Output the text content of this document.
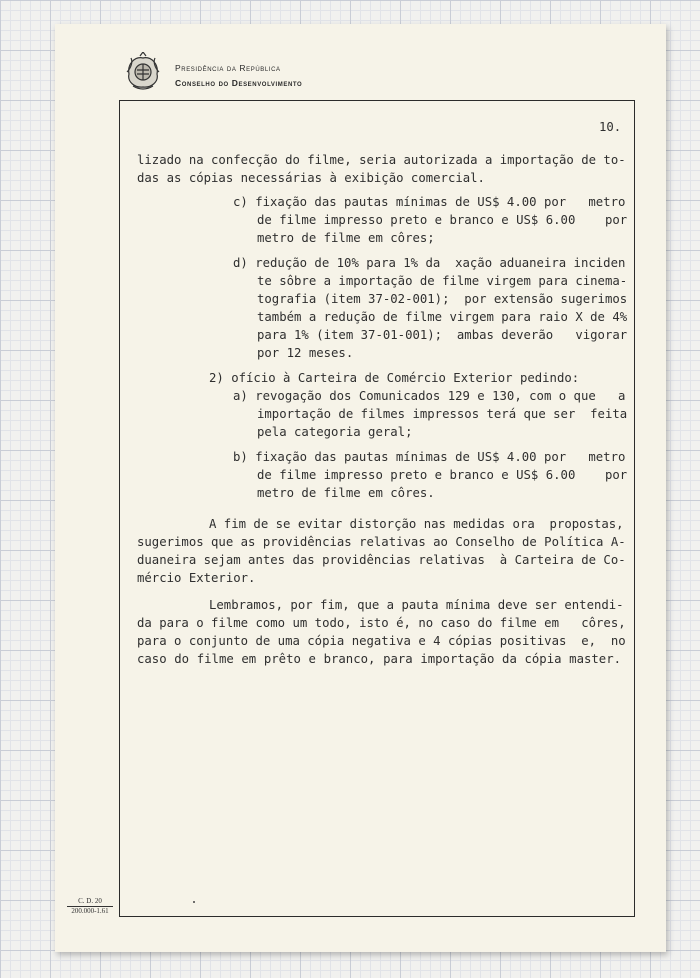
Presidência da República
Conselho do Desenvolvimento
10.
lizado na confecção do filme, seria autorizada a importação de to-
das as cópias necessárias à exibição comercial.
c) fixação das pautas mínimas de US$ 4.00 por   metro
de filme impresso preto e branco e US$ 6.00    por
metro de filme em côres;
d) redução de 10% para 1% da  xação aduaneira inciden
te sôbre a importação de filme virgem para cinema-
tografia (item 37-02-001);  por extensão sugerimos
também a redução de filme virgem para raio X de 4%
para 1% (item 37-01-001);  ambas deverão   vigorar
por 12 meses.
2) ofício à Carteira de Comércio Exterior pedindo:
a) revogação dos Comunicados 129 e 130, com o que   a
importação de filmes impressos terá que ser  feita
pela categoria geral;
b) fixação das pautas mínimas de US$ 4.00 por   metro
de filme impresso preto e branco e US$ 6.00    por
metro de filme em côres.
A fim de se evitar distorção nas medidas ora  propostas,
sugerimos que as providências relativas ao Conselho de Política A-
duaneira sejam antes das providências relativas  à Carteira de Co-
mércio Exterior.
Lembramos, por fim, que a pauta mínima deve ser entendi-
da para o filme como um todo, isto é, no caso do filme em   côres,
para o conjunto de uma cópia negativa e 4 cópias positivas  e,  no
caso do filme em prêto e branco, para importação da cópia master.
C. D. 20
200.000-1.61
